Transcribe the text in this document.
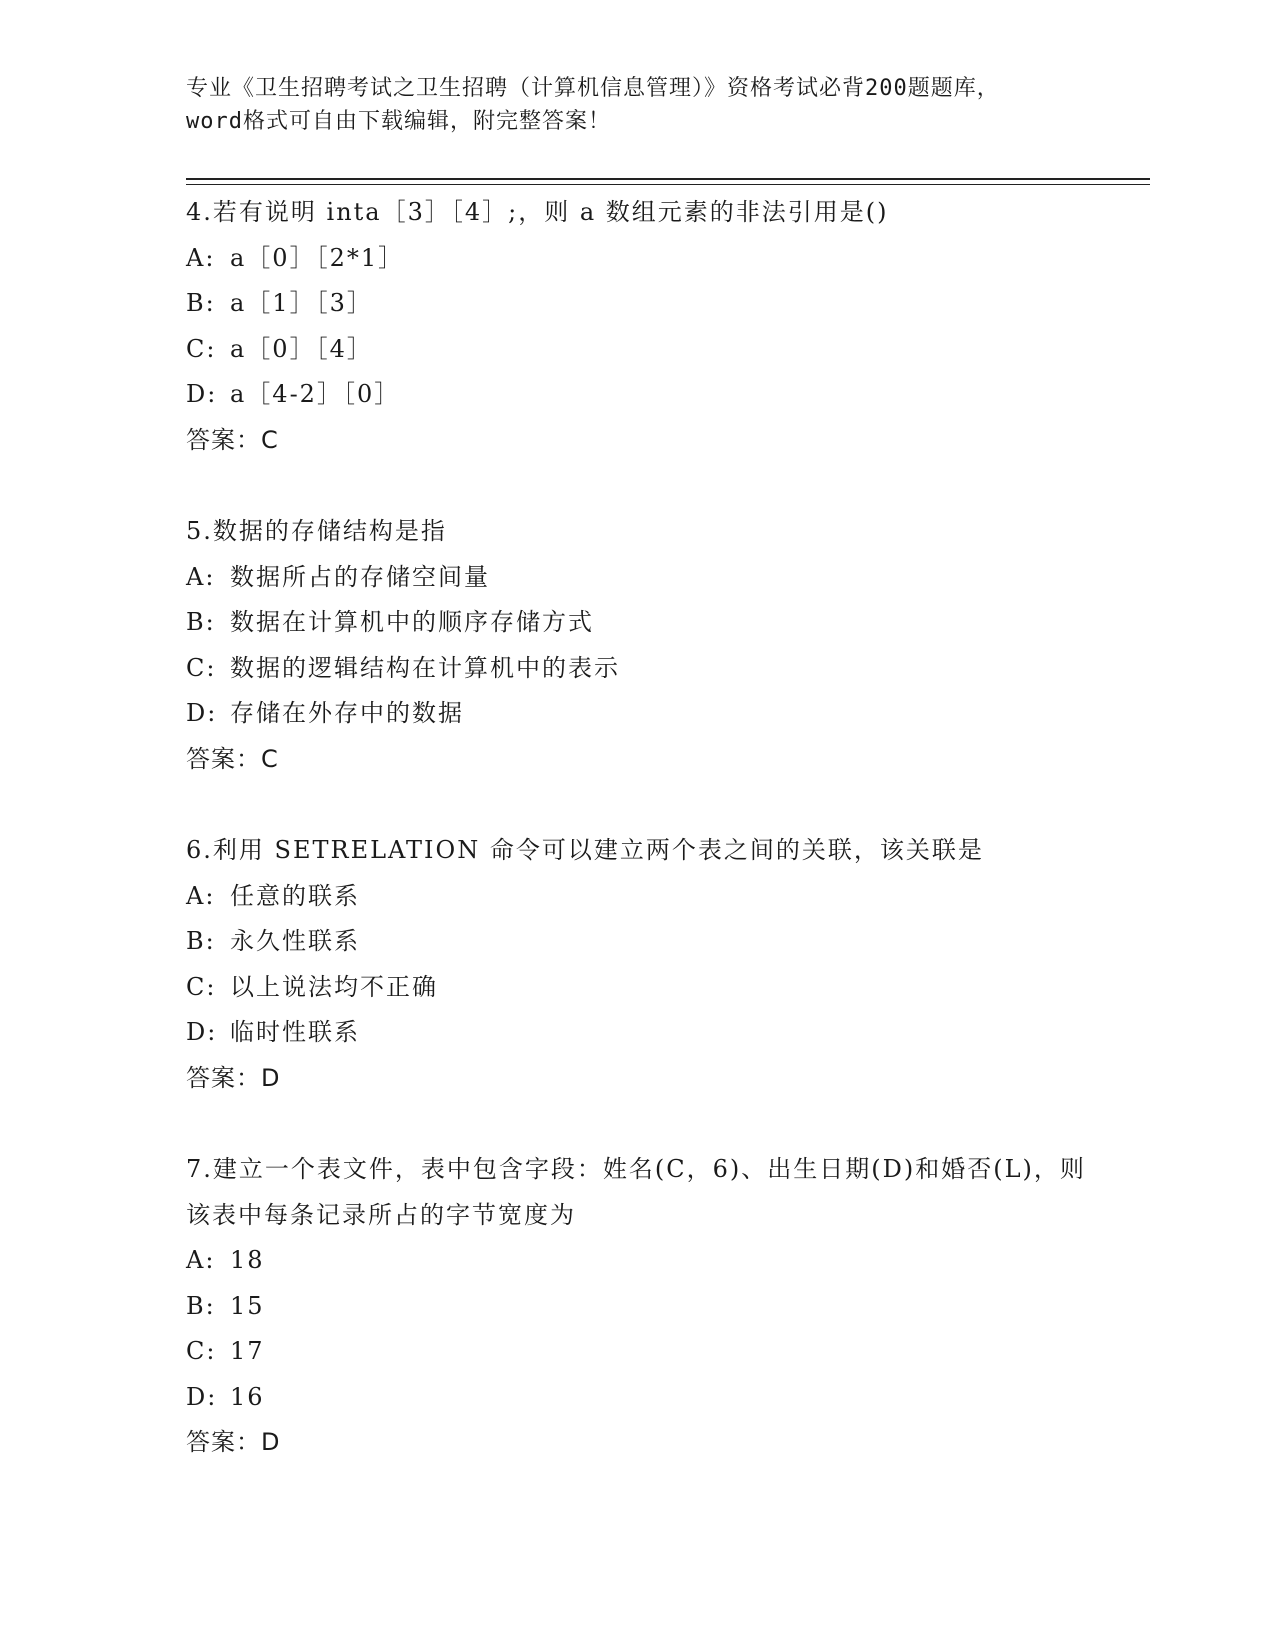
专业《卫生招聘考试之卫生招聘（计算机信息管理）》资格考试必背200题题库，
word格式可自由下载编辑，附完整答案！
4.若有说明 inta［3］［4］;，则 a 数组元素的非法引用是()
A: a［0］［2*1］
B: a［1］［3］
C: a［0］［4］
D: a［4-2］［0］
答案：C
5.数据的存储结构是指
A: 数据所占的存储空间量
B: 数据在计算机中的顺序存储方式
C: 数据的逻辑结构在计算机中的表示
D: 存储在外存中的数据
答案：C
6.利用 SETRELATION 命令可以建立两个表之间的关联，该关联是
A: 任意的联系
B: 永久性联系
C: 以上说法均不正确
D: 临时性联系
答案：D
7.建立一个表文件，表中包含字段：姓名(C，6)、出生日期(D)和婚否(L)，则该表中每条记录所占的字节宽度为
A: 18
B: 15
C: 17
D: 16
答案：D
